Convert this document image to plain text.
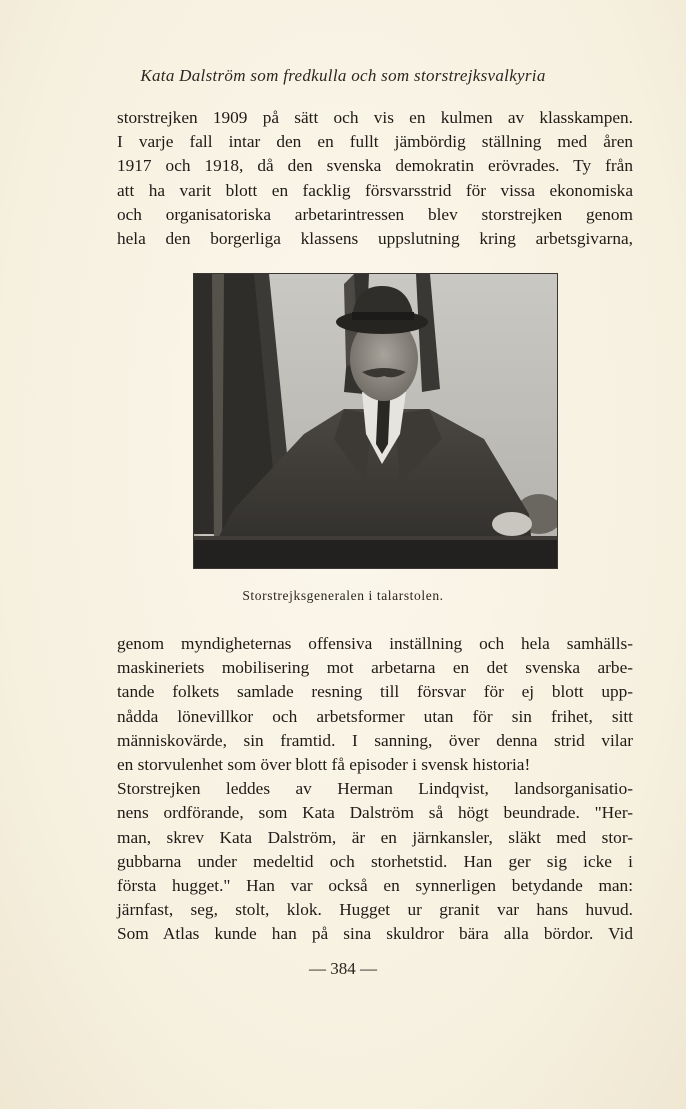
Kata Dalström som fredkulla och som storstrejksvalkyria
storstrejken 1909 på sätt och vis en kulmen av klasskampen.
I varje fall intar den en fullt jämbördig ställning med åren
1917 och 1918, då den svenska demokratin erövrades. Ty från
att ha varit blott en facklig försvarsstrid för vissa ekonomiska
och organisatoriska arbetarintressen blev storstrejken genom
hela den borgerliga klassens uppslutning kring arbetsgivarna,
Storstrejksgeneralen i talarstolen.
genom myndigheternas offensiva inställning och hela samhälls-
maskineriets mobilisering mot arbetarna en det svenska arbe-
tande folkets samlade resning till försvar för ej blott upp-
nådda lönevillkor och arbetsformer utan för sin frihet, sitt
människovärde, sin framtid. I sanning, över denna strid vilar
en storvulenhet som över blott få episoder i svensk historia!
Storstrejken leddes av Herman Lindqvist, landsorganisatio-
nens ordförande, som Kata Dalström så högt beundrade. "Her-
man, skrev Kata Dalström, är en järnkansler, släkt med stor-
gubbarna under medeltid och storhetstid. Han ger sig icke i
första hugget." Han var också en synnerligen betydande man:
järnfast, seg, stolt, klok. Hugget ur granit var hans huvud.
Som Atlas kunde han på sina skuldror bära alla bördor. Vid
— 384 —
